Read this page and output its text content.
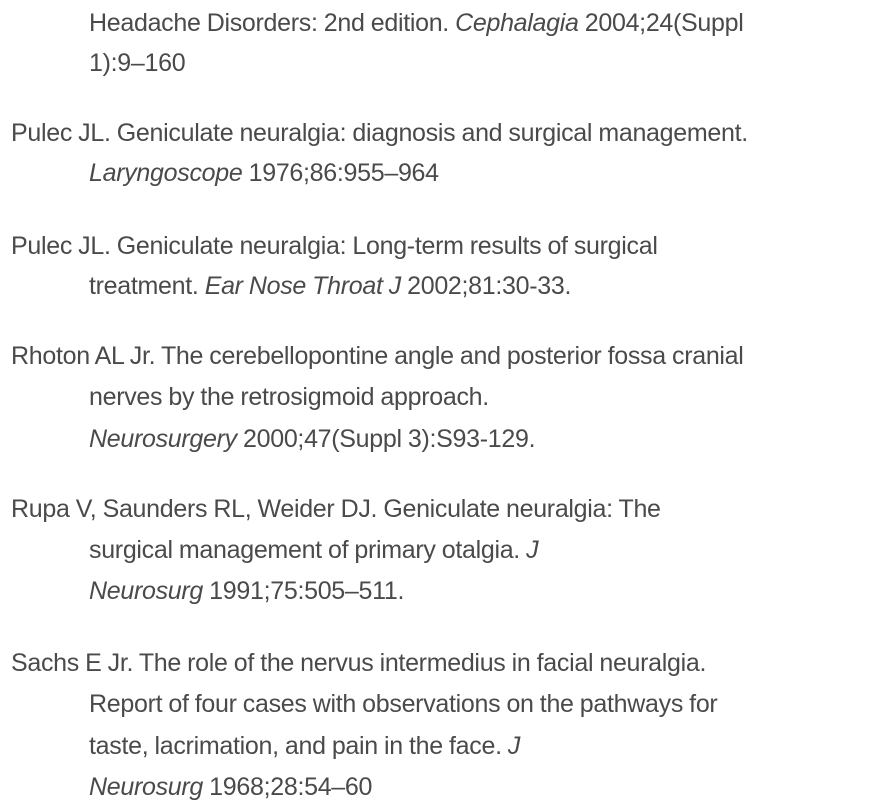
Headache Disorders: 2nd edition. Cephalagia 2004;24(Suppl
1):9–160
Pulec JL. Geniculate neuralgia: diagnosis and surgical management.
Laryngoscope 1976;86:955–964
Pulec JL. Geniculate neuralgia: Long-term results of surgical
treatment. Ear Nose Throat J 2002;81:30-33.
Rhoton AL Jr. The cerebellopontine angle and posterior fossa cranial
nerves by the retrosigmoid approach.
Neurosurgery 2000;47(Suppl 3):S93-129.
Rupa V, Saunders RL, Weider DJ. Geniculate neuralgia: The
surgical management of primary otalgia. J
Neurosurg 1991;75:505–511.
Sachs E Jr. The role of the nervus intermedius in facial neuralgia.
Report of four cases with observations on the pathways for
taste, lacrimation, and pain in the face. J
Neurosurg 1968;28:54–60
